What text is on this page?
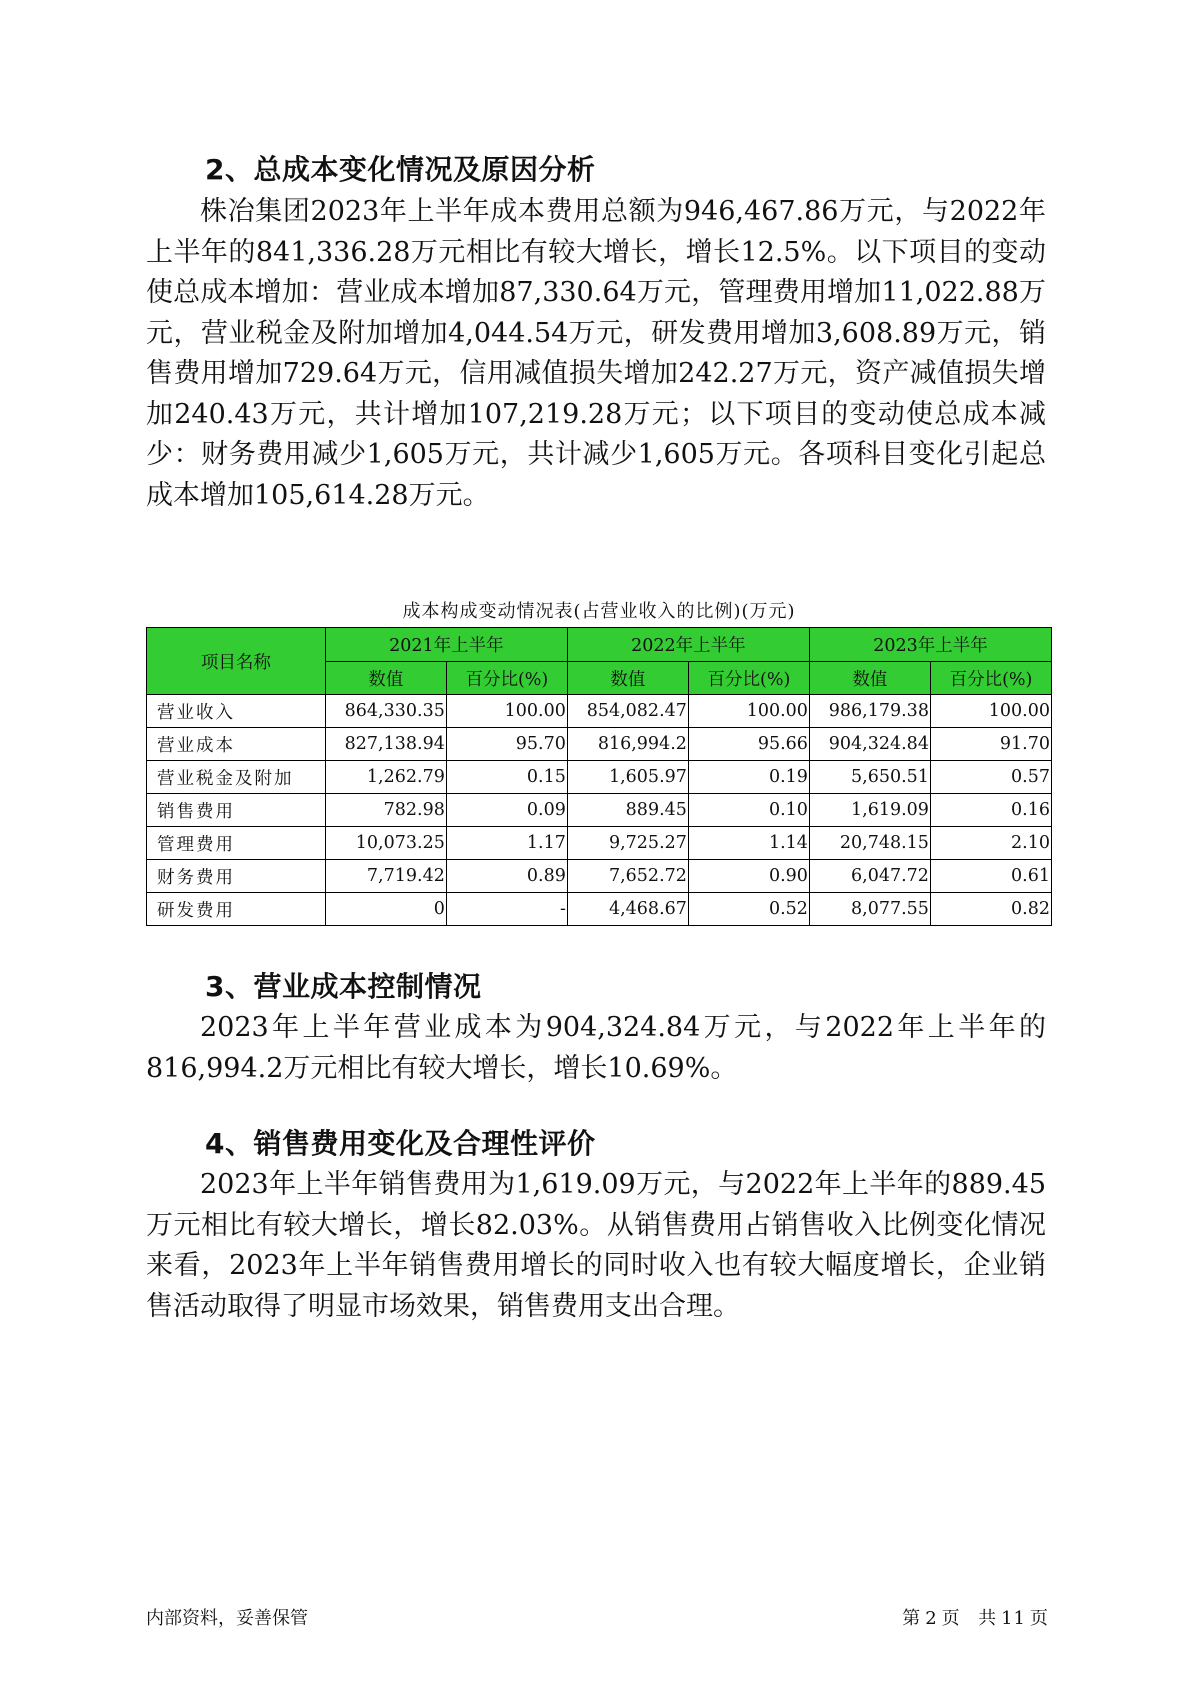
2、总成本变化情况及原因分析

株冶集团2023年上半年成本费用总额为946,467.86万元，与2022年上半年的841,336.28万元相比有较大增长，增长12.5%。以下项目的变动使总成本增加：营业成本增加87,330.64万元，管理费用增加11,022.88万元，营业税金及附加增加4,044.54万元，研发费用增加3,608.89万元，销售费用增加729.64万元，信用减值损失增加242.27万元，资产减值损失增加240.43万元，共计增加107,219.28万元；以下项目的变动使总成本减少：财务费用减少1,605万元，共计减少1,605万元。各项科目变化引起总成本增加105,614.28万元。

成本构成变动情况表(占营业收入的比例)(万元)
项目名称	2021年上半年		2022年上半年		2023年上半年	
	数值	百分比(%)	数值	百分比(%)	数值	百分比(%)
营业收入	864,330.35	100.00	854,082.47	100.00	986,179.38	100.00
营业成本	827,138.94	95.70	816,994.2	95.66	904,324.84	91.70
营业税金及附加	1,262.79	0.15	1,605.97	0.19	5,650.51	0.57
销售费用	782.98	0.09	889.45	0.10	1,619.09	0.16
管理费用	10,073.25	1.17	9,725.27	1.14	20,748.15	2.10
财务费用	7,719.42	0.89	7,652.72	0.90	6,047.72	0.61
研发费用	0	-	4,468.67	0.52	8,077.55	0.82
3、营业成本控制情况

2023年上半年营业成本为904,324.84万元，与2022年上半年的816,994.2万元相比有较大增长，增长10.69%。

4、销售费用变化及合理性评价

2023年上半年销售费用为1,619.09万元，与2022年上半年的889.45万元相比有较大增长，增长82.03%。从销售费用占销售收入比例变化情况来看，2023年上半年销售费用增长的同时收入也有较大幅度增长，企业销售活动取得了明显市场效果，销售费用支出合理。

内部资料，妥善保管	第 2 页 共 11 页
